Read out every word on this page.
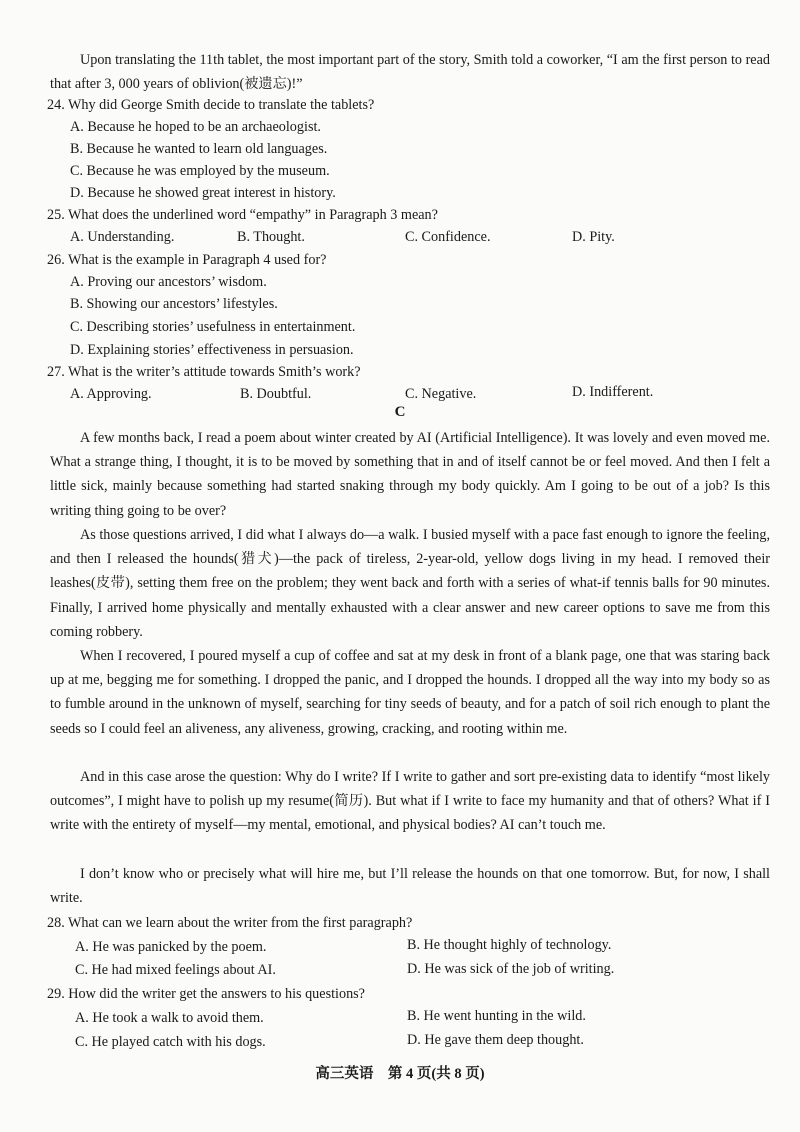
Upon translating the 11th tablet, the most important part of the story, Smith told a coworker, “I am the first person to read that after 3, 000 years of oblivion(被遗忘)!”
24. Why did George Smith decide to translate the tablets?
A. Because he hoped to be an archaeologist.
B. Because he wanted to learn old languages.
C. Because he was employed by the museum.
D. Because he showed great interest in history.
25. What does the underlined word “empathy” in Paragraph 3 mean?
A. Understanding.	B. Thought.	C. Confidence.	D. Pity.
26. What is the example in Paragraph 4 used for?
A. Proving our ancestors’ wisdom.
B. Showing our ancestors’ lifestyles.
C. Describing stories’ usefulness in entertainment.
D. Explaining stories’ effectiveness in persuasion.
27. What is the writer’s attitude towards Smith’s work?
A. Approving.	B. Doubtful.	C. Negative.	D. Indifferent.
C
A few months back, I read a poem about winter created by AI (Artificial Intelligence). It was lovely and even moved me. What a strange thing, I thought, it is to be moved by something that in and of itself cannot be or feel moved. And then I felt a little sick, mainly because something had started snaking through my body quickly. Am I going to be out of a job? Is this writing thing going to be over?
As those questions arrived, I did what I always do—a walk. I busied myself with a pace fast enough to ignore the feeling, and then I released the hounds(猎犬)—the pack of tireless, 2-year-old, yellow dogs living in my head. I removed their leashes(皮带), setting them free on the problem; they went back and forth with a series of what-if tennis balls for 90 minutes. Finally, I arrived home physically and mentally exhausted with a clear answer and new career options to save me from this coming robbery.
When I recovered, I poured myself a cup of coffee and sat at my desk in front of a blank page, one that was staring back up at me, begging me for something. I dropped the panic, and I dropped the hounds. I dropped all the way into my body so as to fumble around in the unknown of myself, searching for tiny seeds of beauty, and for a patch of soil rich enough to plant the seeds so I could feel an aliveness, any aliveness, growing, cracking, and rooting within me.
And in this case arose the question: Why do I write? If I write to gather and sort pre-existing data to identify “most likely outcomes”, I might have to polish up my resume(简历). But what if I write to face my humanity and that of others? What if I write with the entirety of myself—my mental, emotional, and physical bodies? AI can’t touch me.
I don’t know who or precisely what will hire me, but I’ll release the hounds on that one tomorrow. But, for now, I shall write.
28. What can we learn about the writer from the first paragraph?
A. He was panicked by the poem.	B. He thought highly of technology.
C. He had mixed feelings about AI.	D. He was sick of the job of writing.
29. How did the writer get the answers to his questions?
A. He took a walk to avoid them.	B. He went hunting in the wild.
C. He played catch with his dogs.	D. He gave them deep thought.
高三英语　第 4 页(共 8 页)
